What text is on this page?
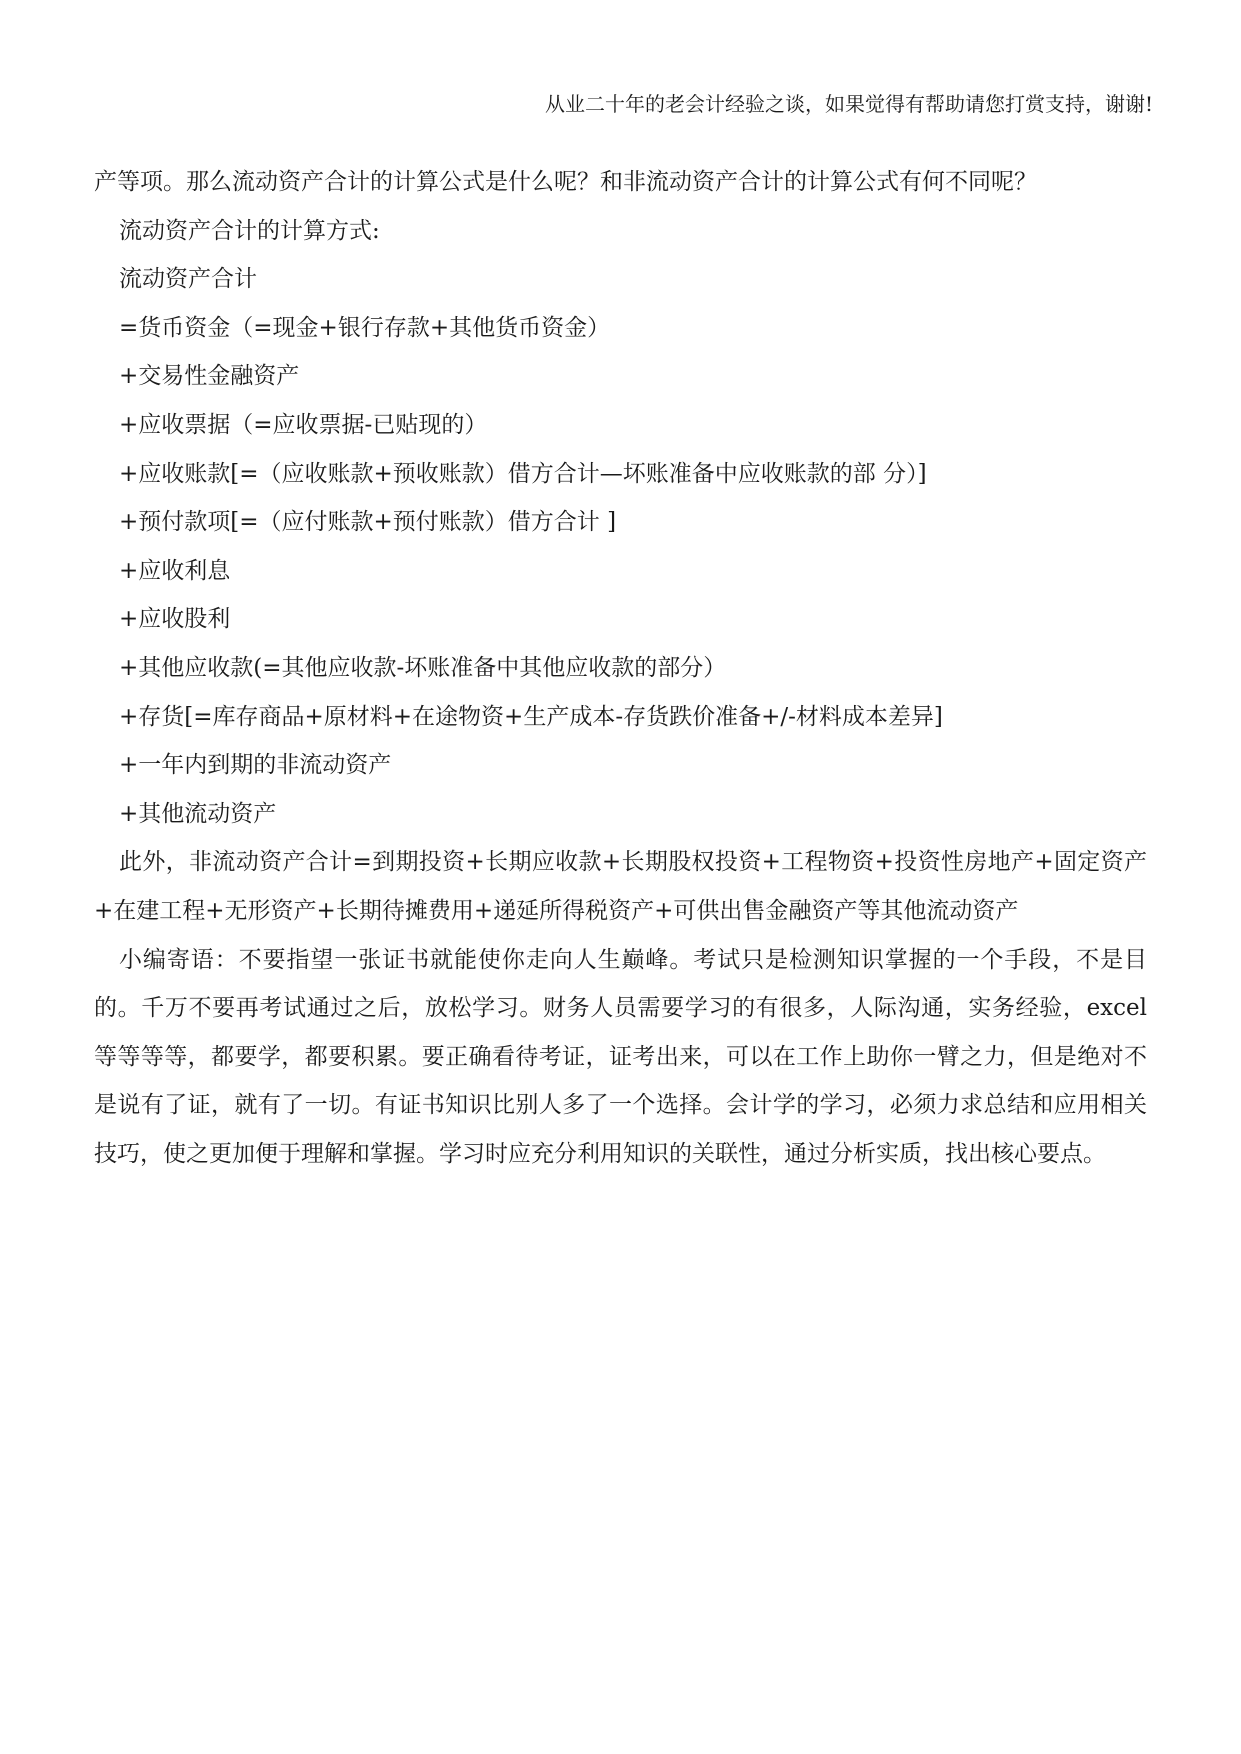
从业二十年的老会计经验之谈，如果觉得有帮助请您打赏支持，谢谢!
产等项。那么流动资产合计的计算公式是什么呢？和非流动资产合计的计算公式有何不同呢？
流动资产合计的计算方式:
流动资产合计
=货币资金（=现金+银行存款+其他货币资金）
+交易性金融资产
+应收票据（=应收票据-已贴现的）
+应收账款[=（应收账款+预收账款）借方合计—坏账准备中应收账款的部 分）]
+预付款项[=（应付账款+预付账款）借方合计 ]
+应收利息
+应收股利
+其他应收款(=其他应收款-坏账准备中其他应收款的部分）
+存货[=库存商品+原材料+在途物资+生产成本-存货跌价准备+/-材料成本差异]
+一年内到期的非流动资产
+其他流动资产
此外，非流动资产合计=到期投资+长期应收款+长期股权投资+工程物资+投资性房地产+固定资产+在建工程+无形资产+长期待摊费用+递延所得税资产+可供出售金融资产等其他流动资产
小编寄语：不要指望一张证书就能使你走向人生巅峰。考试只是检测知识掌握的一个手段，不是目的。千万不要再考试通过之后，放松学习。财务人员需要学习的有很多，人际沟通，实务经验，excel 等等等等，都要学，都要积累。要正确看待考证，证考出来，可以在工作上助你一臂之力，但是绝对不是说有了证，就有了一切。有证书知识比别人多了一个选择。会计学的学习，必须力求总结和应用相关技巧，使之更加便于理解和掌握。学习时应充分利用知识的关联性，通过分析实质，找出核心要点。
